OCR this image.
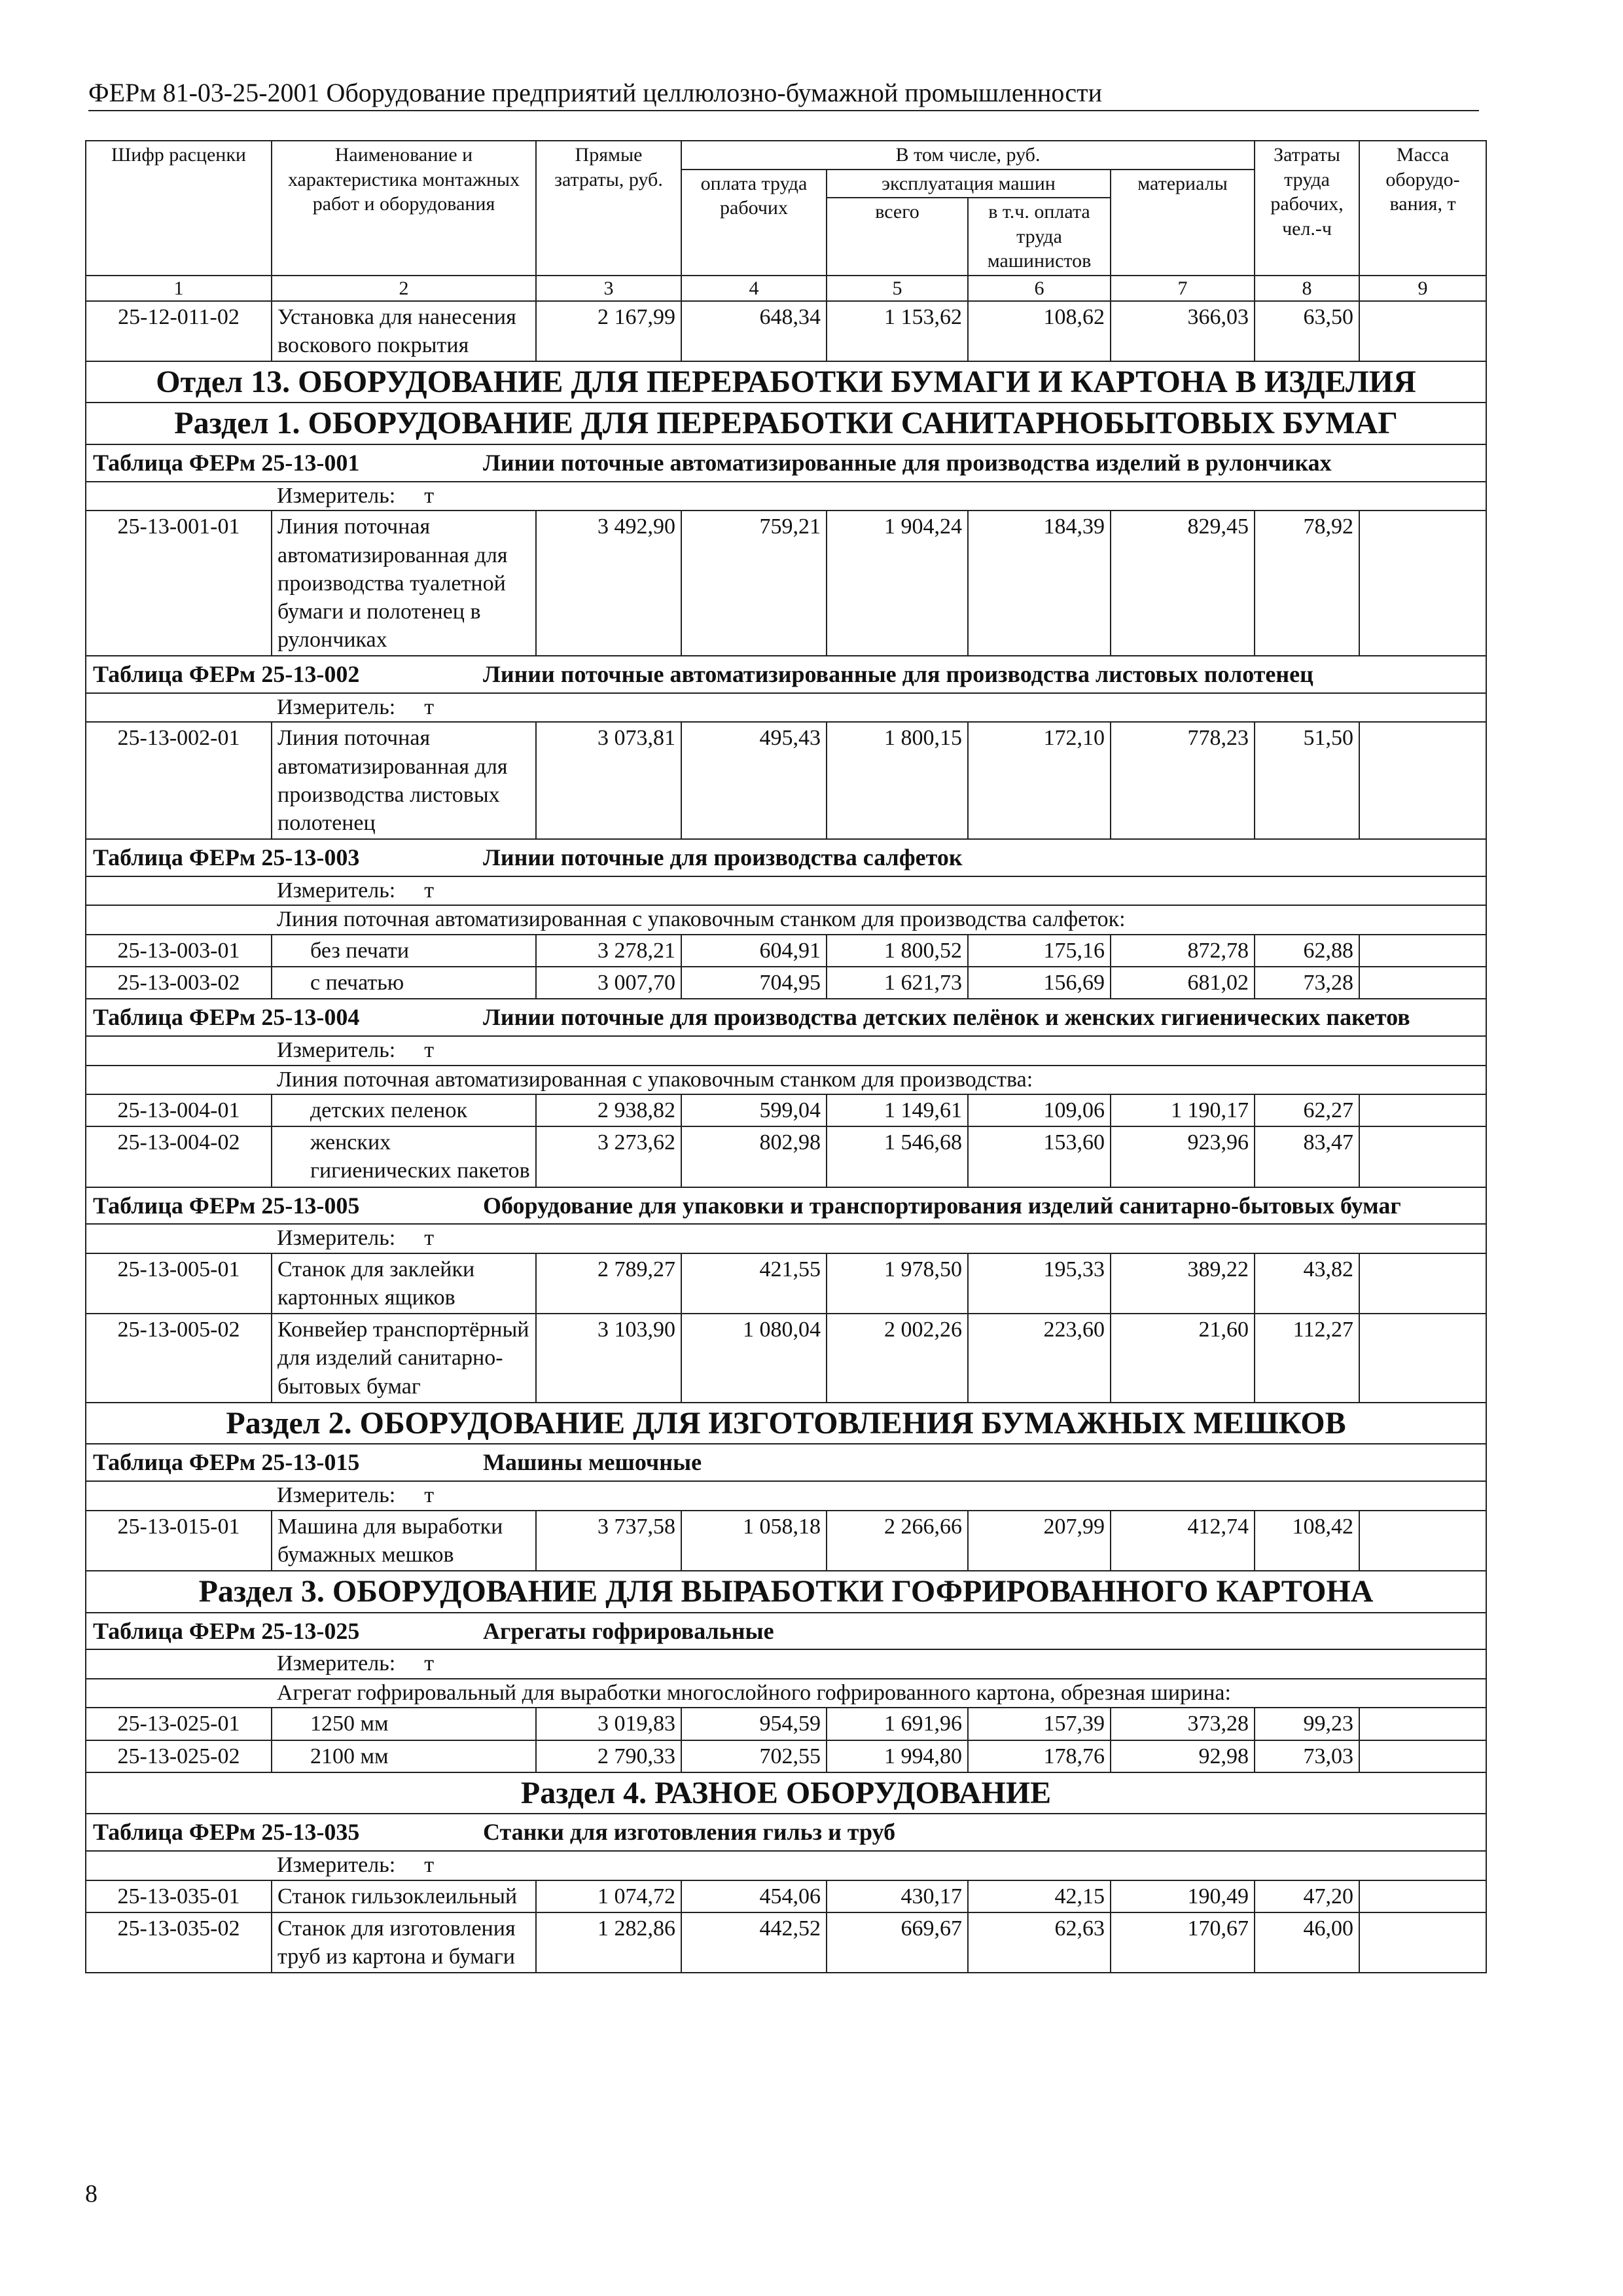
ФЕРм 81-03-25-2001 Оборудование предприятий целлюлозно-бумажной промышленности
Шифр расценки	Наименование и характеристика монтажных работ и оборудования	Прямые затраты, руб.	В том числе, руб.				Затраты труда рабочих, чел.-ч	Масса оборудо-вания, т
			оплата труда рабочих	эксплуатация машин		материалы		
				всего	в т.ч. оплата труда машинистов			
1	2	3	4	5	6	7	8	9
25-12-011-02	Установка для нанесения воскового покрытия	2 167,99	648,34	1 153,62	108,62	366,03	63,50	
Отдел 13. ОБОРУДОВАНИЕ ДЛЯ ПЕРЕРАБОТКИ БУМАГИ И КАРТОНА В ИЗДЕЛИЯ								
Раздел 1. ОБОРУДОВАНИЕ ДЛЯ ПЕРЕРАБОТКИ САНИТАРНОБЫТОВЫХ БУМАГ								
Таблица ФЕРм 25-13-001 Линии поточные автоматизированные для производства изделий в рулончиках								
	Измеритель: т							
25-13-001-01	Линия поточная автоматизированная для производства туалетной бумаги и полотенец в рулончиках	3 492,90	759,21	1 904,24	184,39	829,45	78,92	
Таблица ФЕРм 25-13-002 Линии поточные автоматизированные для производства листовых полотенец								
	Измеритель: т							
25-13-002-01	Линия поточная автоматизированная для производства листовых полотенец	3 073,81	495,43	1 800,15	172,10	778,23	51,50	
Таблица ФЕРм 25-13-003 Линии поточные для производства салфеток								
	Измеритель: т							
	Линия поточная автоматизированная с упаковочным станком для производства салфеток:							
25-13-003-01	без печати	3 278,21	604,91	1 800,52	175,16	872,78	62,88	
25-13-003-02	с печатью	3 007,70	704,95	1 621,73	156,69	681,02	73,28	
Таблица ФЕРм 25-13-004 Линии поточные для производства детских пелёнок и женских гигиенических пакетов								
	Измеритель: т							
	Линия поточная автоматизированная с упаковочным станком для производства:							
25-13-004-01	детских пеленок	2 938,82	599,04	1 149,61	109,06	1 190,17	62,27	
25-13-004-02	женских гигиенических пакетов	3 273,62	802,98	1 546,68	153,60	923,96	83,47	
Таблица ФЕРм 25-13-005 Оборудование для упаковки и транспортирования изделий санитарно-бытовых бумаг								
	Измеритель: т							
25-13-005-01	Станок для заклейки картонных ящиков	2 789,27	421,55	1 978,50	195,33	389,22	43,82	
25-13-005-02	Конвейер транспортёрный для изделий санитарно-бытовых бумаг	3 103,90	1 080,04	2 002,26	223,60	21,60	112,27	
Раздел 2. ОБОРУДОВАНИЕ ДЛЯ ИЗГОТОВЛЕНИЯ БУМАЖНЫХ МЕШКОВ								
Таблица ФЕРм 25-13-015 Машины мешочные								
	Измеритель: т							
25-13-015-01	Машина для выработки бумажных мешков	3 737,58	1 058,18	2 266,66	207,99	412,74	108,42	
Раздел 3. ОБОРУДОВАНИЕ ДЛЯ ВЫРАБОТКИ ГОФРИРОВАННОГО КАРТОНА								
Таблица ФЕРм 25-13-025 Агрегаты гофрировальные								
	Измеритель: т							
	Агрегат гофрировальный для выработки многослойного гофрированного картона, обрезная ширина:							
25-13-025-01	1250 мм	3 019,83	954,59	1 691,96	157,39	373,28	99,23	
25-13-025-02	2100 мм	2 790,33	702,55	1 994,80	178,76	92,98	73,03	
Раздел 4. РАЗНОЕ ОБОРУДОВАНИЕ								
Таблица ФЕРм 25-13-035 Станки для изготовления гильз и труб								
	Измеритель: т							
25-13-035-01	Станок гильзоклеильный	1 074,72	454,06	430,17	42,15	190,49	47,20	
25-13-035-02	Станок для изготовления труб из картона и бумаги	1 282,86	442,52	669,67	62,63	170,67	46,00	
8
